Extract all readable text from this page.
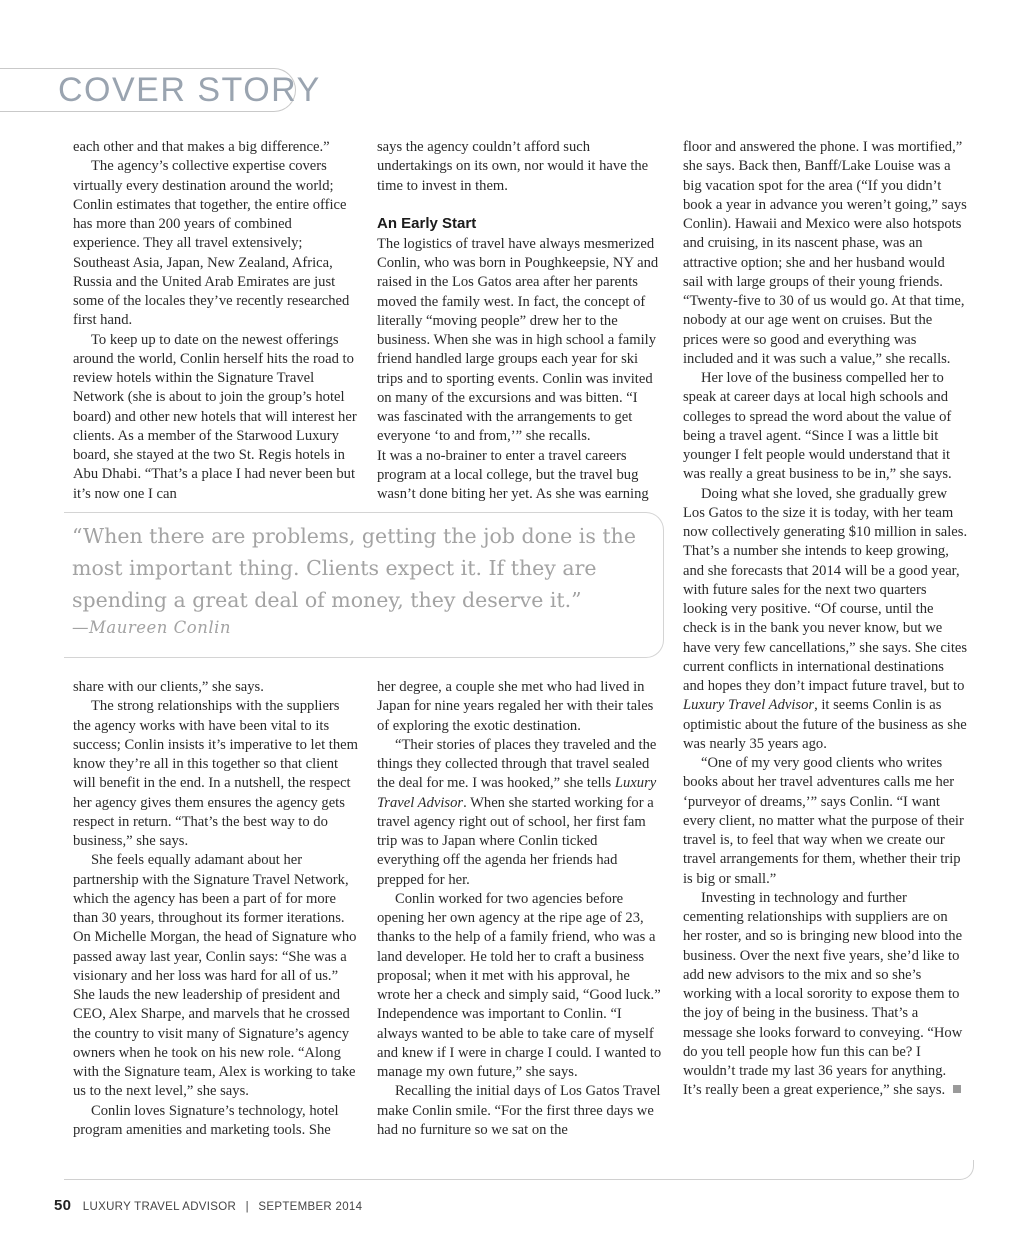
COVER STORY

each other and that makes a big difference.”

The agency’s collective expertise covers virtually every destination around the world; Conlin estimates that together, the entire office has more than 200 years of combined experience. They all travel extensively; Southeast Asia, Japan, New Zealand, Africa, Russia and the United Arab Emirates are just some of the locales they’ve recently researched first hand.

To keep up to date on the newest offerings around the world, Conlin herself hits the road to review hotels within the Signature Travel Network (she is about to join the group’s hotel board) and other new hotels that will interest her clients. As a member of the Starwood Luxury board, she stayed at the two St. Regis hotels in Abu Dhabi. “That’s a place I had never been but it’s now one I can

says the agency couldn’t afford such undertakings on its own, nor would it have the time to invest in them.

An Early Start

The logistics of travel have always mesmerized Conlin, who was born in Poughkeepsie, NY and raised in the Los Gatos area after her parents moved the family west. In fact, the concept of literally “moving people” drew her to the business. When she was in high school a family friend handled large groups each year for ski trips and to sporting events. Conlin was invited on many of the excursions and was bitten. “I was fascinated with the arrangements to get everyone ‘to and from,’” she recalls.

It was a no-brainer to enter a travel careers program at a local college, but the travel bug wasn’t done biting her yet. As she was earning

floor and answered the phone. I was mortified,” she says. Back then, Banff/Lake Louise was a big vacation spot for the area (“If you didn’t book a year in advance you weren’t going,” says Conlin). Hawaii and Mexico were also hotspots and cruising, in its nascent phase, was an attractive option; she and her husband would sail with large groups of their young friends. “Twenty-five to 30 of us would go. At that time, nobody at our age went on cruises. But the prices were so good and everything was included and it was such a value,” she recalls.

Her love of the business compelled her to speak at career days at local high schools and colleges to spread the word about the value of being a travel agent. “Since I was a little bit younger I felt people would understand that it was really a great business to be in,” she says.

Doing what she loved, she gradually grew Los Gatos to the size it is today, with her team now collectively generating $10 million in sales. That’s a number she intends to keep growing, and she forecasts that 2014 will be a good year, with future sales for the next two quarters looking very positive. “Of course, until the check is in the bank you never know, but we have very few cancellations,” she says. She cites current conflicts in international destinations and hopes they don’t impact future travel, but to Luxury Travel Advisor, it seems Conlin is as optimistic about the future of the business as she was nearly 35 years ago.

“One of my very good clients who writes books about her travel adventures calls me her ‘purveyor of dreams,’” says Conlin. “I want every client, no matter what the purpose of their travel is, to feel that way when we create our travel arrangements for them, whether their trip is big or small.”

Investing in technology and further cementing relationships with suppliers are on her roster, and so is bringing new blood into the business. Over the next five years, she’d like to add new advisors to the mix and so she’s working with a local sorority to expose them to the joy of being in the business. That’s a message she looks forward to conveying. “How do you tell people how fun this can be? I wouldn’t trade my last 36 years for anything. It’s really been a great experience,” she says.

“When there are problems, getting the job done is the most important thing. Clients expect it. If they are spending a great deal of money, they deserve it.”
—Maureen Conlin

share with our clients,” she says.

The strong relationships with the suppliers the agency works with have been vital to its success; Conlin insists it’s imperative to let them know they’re all in this together so that client will benefit in the end. In a nutshell, the respect her agency gives them ensures the agency gets respect in return. “That’s the best way to do business,” she says.

She feels equally adamant about her partnership with the Signature Travel Network, which the agency has been a part of for more than 30 years, throughout its former iterations. On Michelle Morgan, the head of Signature who passed away last year, Conlin says: “She was a visionary and her loss was hard for all of us.” She lauds the new leadership of president and CEO, Alex Sharpe, and marvels that he crossed the country to visit many of Signature’s agency owners when he took on his new role. “Along with the Signature team, Alex is working to take us to the next level,” she says.

Conlin loves Signature’s technology, hotel program amenities and marketing tools. She

her degree, a couple she met who had lived in Japan for nine years regaled her with their tales of exploring the exotic destination.

“Their stories of places they traveled and the things they collected through that travel sealed the deal for me. I was hooked,” she tells Luxury Travel Advisor. When she started working for a travel agency right out of school, her first fam trip was to Japan where Conlin ticked everything off the agenda her friends had prepped for her.

Conlin worked for two agencies before opening her own agency at the ripe age of 23, thanks to the help of a family friend, who was a land developer. He told her to craft a business proposal; when it met with his approval, he wrote her a check and simply said, “Good luck.” Independence was important to Conlin. “I always wanted to be able to take care of myself and knew if I were in charge I could. I wanted to manage my own future,” she says.

Recalling the initial days of Los Gatos Travel make Conlin smile. “For the first three days we had no furniture so we sat on the

50 LUXURY TRAVEL ADVISOR | SEPTEMBER 2014
